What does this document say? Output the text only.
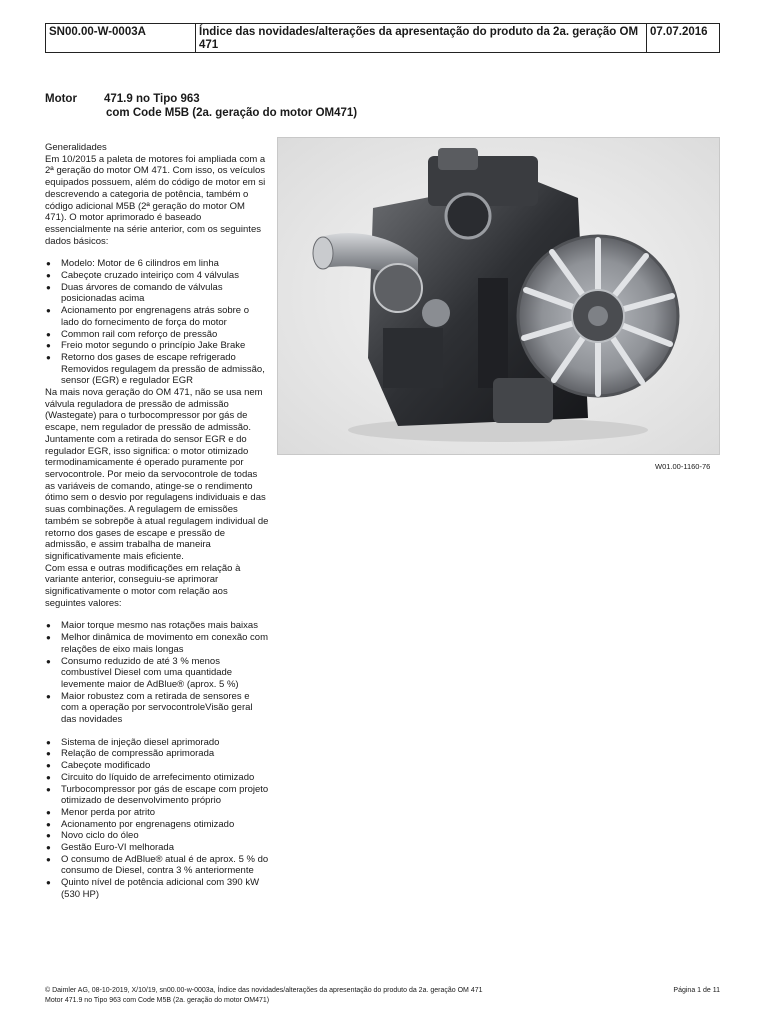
SN00.00-W-0003A	Índice das novidades/alterações da apresentação do produto da 2a. geração OM 471
07.07.2016
Motor 471.9 no Tipo 963
com Code M5B (2a. geração do motor OM471)

Generalidades

Em 10/2015 a paleta de motores foi ampliada com a 2ª geração do motor OM 471. Com isso, os veículos equipados possuem, além do código de motor em si descrevendo a categoria de potência, também o código adicional M5B (2ª geração do motor OM 471). O motor aprimorado é baseado essencialmente na série anterior, com os seguintes dados básicos:

● Modelo: Motor de 6 cilindros em linha
● Cabeçote cruzado inteiriço com 4 válvulas
● Duas árvores de comando de válvulas posicionadas acima
● Acionamento por engrenagens atrás sobre o lado do fornecimento de força do motor
● Common rail com reforço de pressão
● Freio motor segundo o princípio Jake Brake
● Retorno dos gases de escape refrigerado

Removidos regulagem da pressão de admissão, sensor (EGR) e regulador EGR

Na mais nova geração do OM 471, não se usa nem válvula reguladora de pressão de admissão (Wastegate) para o turbocompressor por gás de escape, nem regulador de pressão de admissão. Juntamente com a retirada do sensor EGR e do regulador EGR, isso significa: o motor otimizado termodinamicamente é operado puramente por servocontrole. Por meio da servocontrole de todas as variáveis de comando, atinge-se o rendimento ótimo sem o desvio por regulagens individuais e das suas combinações. A regulagem de emissões também se sobrepõe à atual regulagem individual de retorno dos gases de escape e pressão de admissão, e assim trabalha de maneira significativamente mais eficiente.

Com essa e outras modificações em relação à variante anterior, conseguiu-se aprimorar significativamente o motor com relação aos seguintes valores:

● Maior torque mesmo nas rotações mais baixas
● Melhor dinâmica de movimento em conexão com relações de eixo mais longas
● Consumo reduzido de até 3 % menos combustível Diesel com uma quantidade levemente maior de AdBlue® (aprox. 5 %)
● Maior robustez com a retirada de sensores e com a operação por servocontroleVisão geral das novidades
● Sistema de injeção diesel aprimorado
● Relação de compressão aprimorada
● Cabeçote modificado
● Circuito do líquido de arrefecimento otimizado
● Turbocompressor por gás de escape com projeto otimizado de desenvolvimento próprio
● Menor perda por atrito
● Acionamento por engrenagens otimizado
● Novo ciclo do óleo
● Gestão Euro-VI melhorada
● O consumo de AdBlue® atual é de aprox. 5 % do consumo de Diesel, contra 3 % anteriormente
● Quinto nível de potência adicional com 390 kW (530 HP)
W01.00-1160-76
© Daimler AG, 08-10-2019, X/10/19, sn00.00-w-0003a, Índice das novidades/alterações da apresentação do produto da 2a. geração OM 471
Motor 471.9 no Tipo 963 com Code M5B (2a. geração do motor OM471)
Página 1 de 11
